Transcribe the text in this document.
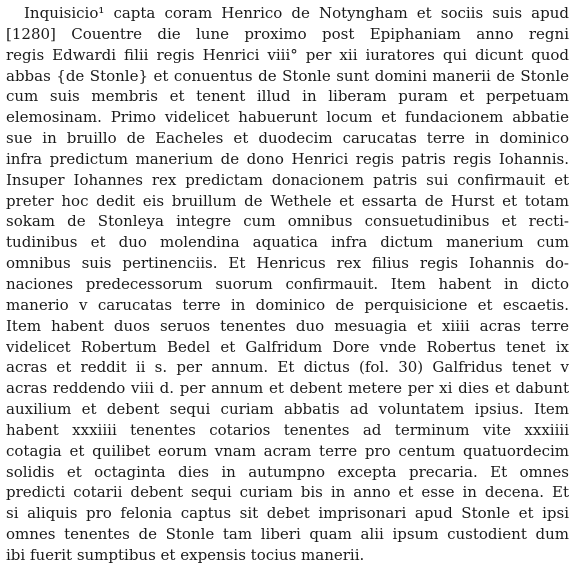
Inquisicio¹ capta coram Henrico de Notyngham et sociis suis apud
[1280] Couentre die lune proximo post Epiphaniam anno regni
regis Edwardi filii regis Henrici viii° per xii iuratores qui dicunt quod
abbas {de Stonle} et conuentus de Stonle sunt domini manerii de Stonle
cum suis membris et tenent illud in liberam puram et perpetuam
elemosinam. Primo videlicet habuerunt locum et fundacionem abbatie
sue in bruillo de Eacheles et duodecim carucatas terre in dominico
infra predictum manerium de dono Henrici regis patris regis Iohannis.
Insuper Iohannes rex predictam donacionem patris sui confirmauit et
preter hoc dedit eis bruillum de Wethele et essarta de Hurst et totam
sokam de Stonleya integre cum omnibus consuetudinibus et recti-
tudinibus et duo molendina aquatica infra dictum manerium cum
omnibus suis pertinenciis. Et Henricus rex filius regis Iohannis do-
naciones predecessorum suorum confirmauit. Item habent in dicto
manerio v carucatas terre in dominico de perquisicione et escaetis.
Item habent duos seruos tenentes duo mesuagia et xiiii acras terre
videlicet Robertum Bedel et Galfridum Dore vnde Robertus tenet ix
acras et reddit ii s. per annum. Et dictus (fol. 30) Galfridus tenet v
acras reddendo viii d. per annum et debent metere per xi dies et dabunt
auxilium et debent sequi curiam abbatis ad voluntatem ipsius. Item
habent xxxiiii tenentes cotarios tenentes ad terminum vite xxxiiii
cotagia et quilibet eorum vnam acram terre pro centum quatuordecim
solidis et octaginta dies in autumpno excepta precaria. Et omnes
predicti cotarii debent sequi curiam bis in anno et esse in decena. Et
si aliquis pro felonia captus sit debet imprisonari apud Stonle et ipsi
omnes tenentes de Stonle tam liberi quam alii ipsum custodient dum
ibi fuerit sumptibus et expensis tocius manerii.
